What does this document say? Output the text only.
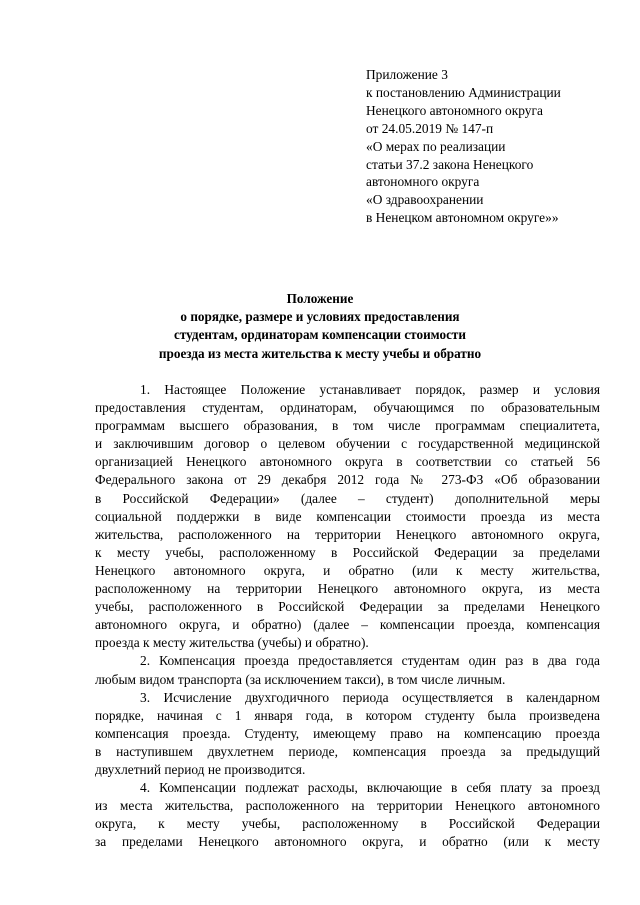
Приложение 3
к постановлению Администрации
Ненецкого автономного округа
от 24.05.2019 № 147-п
«О мерах по реализации
статьи 37.2 закона Ненецкого
автономного округа
«О здравоохранении
в Ненецком автономном округе»»
Положение
о порядке, размере и условиях предоставления
студентам, ординаторам компенсации стоимости
проезда из места жительства к месту учебы и обратно
1. Настоящее Положение устанавливает порядок, размер и условия
предоставления студентам, ординаторам, обучающимся по образовательным
программам высшего образования, в том числе программам специалитета,
и заключившим договор о целевом обучении с государственной медицинской
организацией Ненецкого автономного округа в соответствии со статьей 56
Федерального закона от 29 декабря 2012 года № 273-ФЗ «Об образовании
в Российской Федерации» (далее – студент) дополнительной меры
социальной поддержки в виде компенсации стоимости проезда из места
жительства, расположенного на территории Ненецкого автономного округа,
к месту учебы, расположенному в Российской Федерации за пределами
Ненецкого автономного округа, и обратно (или к месту жительства,
расположенному на территории Ненецкого автономного округа, из места
учебы, расположенного в Российской Федерации за пределами Ненецкого
автономного округа, и обратно) (далее – компенсации проезда, компенсация
проезда к месту жительства (учебы) и обратно).
2. Компенсация проезда предоставляется студентам один раз в два года
любым видом транспорта (за исключением такси), в том числе личным.
3. Исчисление двухгодичного периода осуществляется в календарном
порядке, начиная с 1 января года, в котором студенту была произведена
компенсация проезда. Студенту, имеющему право на компенсацию проезда
в наступившем двухлетнем периоде, компенсация проезда за предыдущий
двухлетний период не производится.
4. Компенсации подлежат расходы, включающие в себя плату за проезд
из места жительства, расположенного на территории Ненецкого автономного
округа, к месту учебы, расположенному в Российской Федерации
за пределами Ненецкого автономного округа, и обратно (или к месту
